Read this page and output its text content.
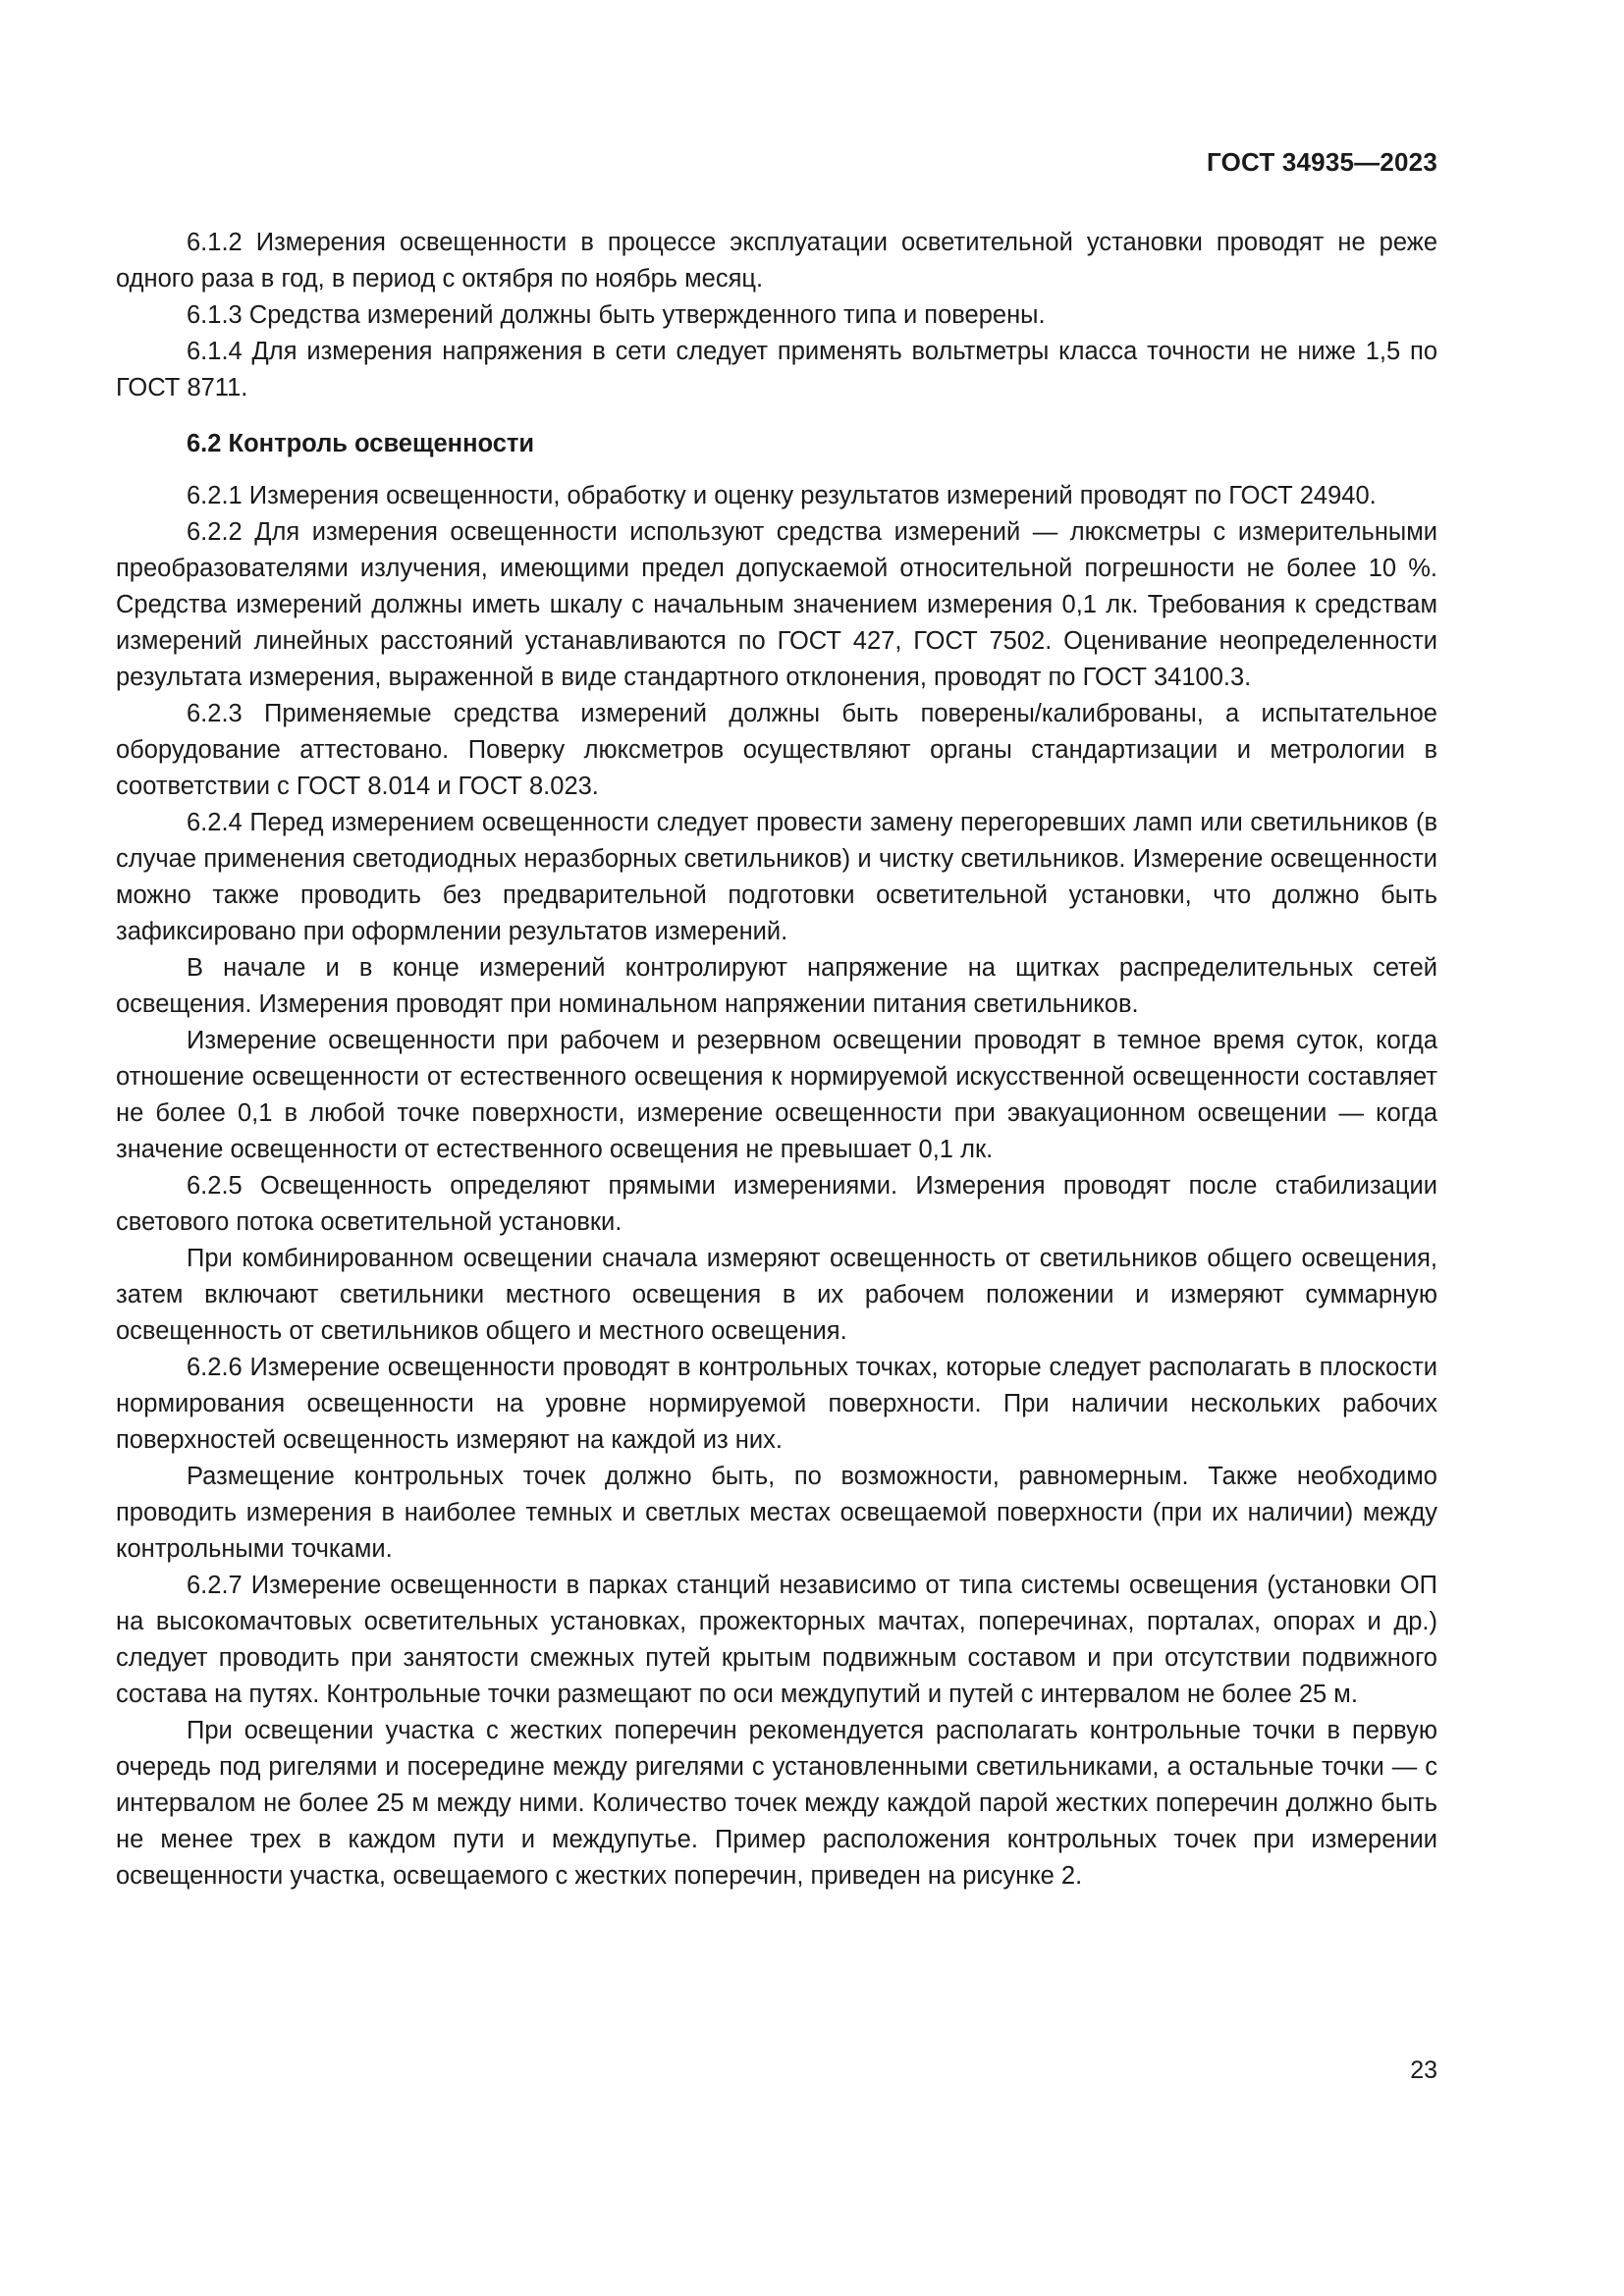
ГОСТ 34935—2023

6.1.2 Измерения освещенности в процессе эксплуатации осветительной установки проводят не реже одного раза в год, в период с октября по ноябрь месяц.

6.1.3 Средства измерений должны быть утвержденного типа и поверены.

6.1.4 Для измерения напряжения в сети следует применять вольтметры класса точности не ниже 1,5 по ГОСТ 8711.

6.2 Контроль освещенности

6.2.1 Измерения освещенности, обработку и оценку результатов измерений проводят по ГОСТ 24940.

6.2.2 Для измерения освещенности используют средства измерений — люксметры с измерительными преобразователями излучения, имеющими предел допускаемой относительной погрешности не более 10 %. Средства измерений должны иметь шкалу с начальным значением измерения 0,1 лк. Требования к средствам измерений линейных расстояний устанавливаются по ГОСТ 427, ГОСТ 7502. Оценивание неопределенности результата измерения, выраженной в виде стандартного отклонения, проводят по ГОСТ 34100.3.

6.2.3 Применяемые средства измерений должны быть поверены/калиброваны, а испытательное оборудование аттестовано. Поверку люксметров осуществляют органы стандартизации и метрологии в соответствии с ГОСТ 8.014 и ГОСТ 8.023.

6.2.4 Перед измерением освещенности следует провести замену перегоревших ламп или светильников (в случае применения светодиодных неразборных светильников) и чистку светильников. Измерение освещенности можно также проводить без предварительной подготовки осветительной установки, что должно быть зафиксировано при оформлении результатов измерений.

В начале и в конце измерений контролируют напряжение на щитках распределительных сетей освещения. Измерения проводят при номинальном напряжении питания светильников.

Измерение освещенности при рабочем и резервном освещении проводят в темное время суток, когда отношение освещенности от естественного освещения к нормируемой искусственной освещенности составляет не более 0,1 в любой точке поверхности, измерение освещенности при эвакуационном освещении — когда значение освещенности от естественного освещения не превышает 0,1 лк.

6.2.5 Освещенность определяют прямыми измерениями. Измерения проводят после стабилизации светового потока осветительной установки.

При комбинированном освещении сначала измеряют освещенность от светильников общего освещения, затем включают светильники местного освещения в их рабочем положении и измеряют суммарную освещенность от светильников общего и местного освещения.

6.2.6 Измерение освещенности проводят в контрольных точках, которые следует располагать в плоскости нормирования освещенности на уровне нормируемой поверхности. При наличии нескольких рабочих поверхностей освещенность измеряют на каждой из них.

Размещение контрольных точек должно быть, по возможности, равномерным. Также необходимо проводить измерения в наиболее темных и светлых местах освещаемой поверхности (при их наличии) между контрольными точками.

6.2.7 Измерение освещенности в парках станций независимо от типа системы освещения (установки ОП на высокомачтовых осветительных установках, прожекторных мачтах, поперечинах, порталах, опорах и др.) следует проводить при занятости смежных путей крытым подвижным составом и при отсутствии подвижного состава на путях. Контрольные точки размещают по оси междупутий и путей с интервалом не более 25 м.

При освещении участка с жестких поперечин рекомендуется располагать контрольные точки в первую очередь под ригелями и посередине между ригелями с установленными светильниками, а остальные точки — с интервалом не более 25 м между ними. Количество точек между каждой парой жестких поперечин должно быть не менее трех в каждом пути и междупутье. Пример расположения контрольных точек при измерении освещенности участка, освещаемого с жестких поперечин, приведен на рисунке 2.

23
